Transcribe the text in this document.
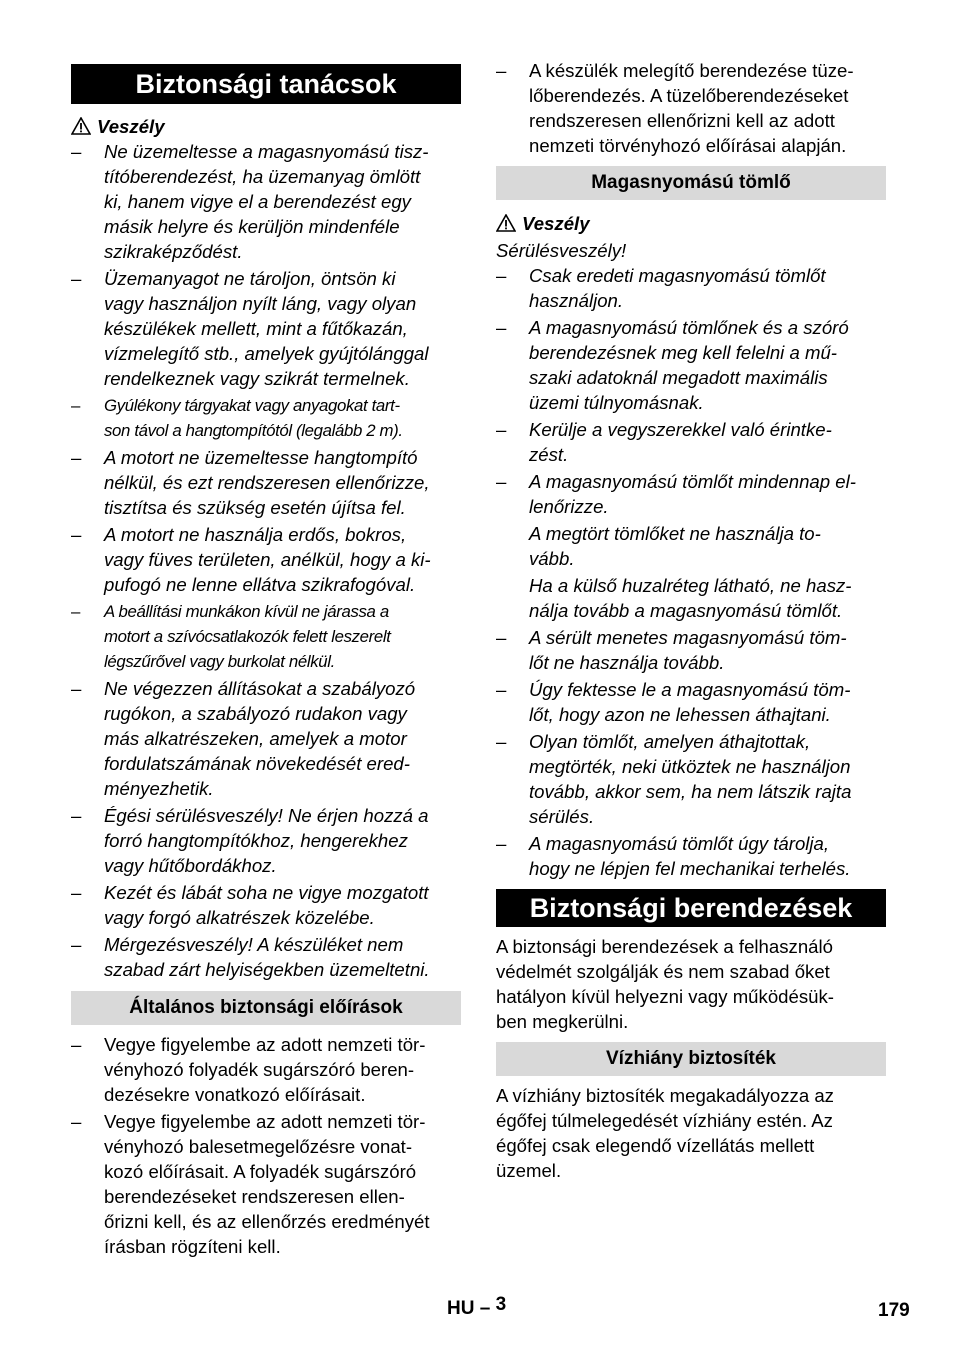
Biztonsági tanácsok
Veszély
– Ne üzemeltesse a magasnyomású tisz-
títóberendezést, ha üzemanyag ömlött
ki, hanem vigye el a berendezést egy
másik helyre és kerüljön mindenféle
szikraképződést.
– Üzemanyagot ne tároljon, öntsön ki
vagy használjon nyílt láng, vagy olyan
készülékek mellett, mint a fűtőkazán,
vízmelegítő stb., amelyek gyújtólánggal
rendelkeznek vagy szikrát termelnek.
– Gyúlékony tárgyakat vagy anyagokat tart-
son távol a hangtompítótól (legalább 2 m).
– A motort ne üzemeltesse hangtompító
nélkül, és ezt rendszeresen ellenőrizze,
tisztítsa és szükség esetén újítsa fel.
– A motort ne használja erdős, bokros,
vagy füves területen, anélkül, hogy a ki-
pufogó ne lenne ellátva szikrafogóval.
– A beállítási munkákon kívül ne járassa a
motort a szívócsatlakozók felett leszerelt
légszűrővel vagy burkolat nélkül.
– Ne végezzen állításokat a szabályozó
rugókon, a szabályozó rudakon vagy
más alkatrészeken, amelyek a motor
fordulatszámának növekedését ered-
ményezhetik.
– Égési sérülésveszély! Ne érjen hozzá a
forró hangtompítókhoz, hengerekhez
vagy hűtőbordákhoz.
– Kezét és lábát soha ne vigye mozgatott
vagy forgó alkatrészek közelébe.
– Mérgezésveszély! A készüléket nem
szabad zárt helyiségekben üzemeltetni.
Általános biztonsági előírások
– Vegye figyelembe az adott nemzeti tör-
vényhozó folyadék sugárszóró beren-
dezésekre vonatkozó előírásait.
– Vegye figyelembe az adott nemzeti tör-
vényhozó balesetmegelőzésre vonat-
kozó előírásait. A folyadék sugárszóró
berendezéseket rendszeresen ellen-
őrizni kell, és az ellenőrzés eredményét
írásban rögzíteni kell.
– A készülék melegítő berendezése tüze-
lőberendezés. A tüzelőberendezéseket
rendszeresen ellenőrizni kell az adott
nemzeti törvényhozó előírásai alapján.
Magasnyomású tömlő
Veszély

Sérülésveszély!

– Csak eredeti magasnyomású tömlőt
használjon.
– A magasnyomású tömlőnek és a szóró
berendezésnek meg kell felelni a mű-
szaki adatoknál megadott maximális
üzemi túlnyomásnak.
– Kerülje a vegyszerekkel való érintke-
zést.
– A magasnyomású tömlőt mindennap el-
lenőrizze.
A megtört tömlőket ne használja to-
vább.
Ha a külső huzalréteg látható, ne hasz-
nálja tovább a magasnyomású tömlőt.
– A sérült menetes magasnyomású töm-
lőt ne használja tovább.
– Úgy fektesse le a magasnyomású töm-
lőt, hogy azon ne lehessen áthajtani.
– Olyan tömlőt, amelyen áthajtottak,
megtörték, neki ütköztek ne használjon
tovább, akkor sem, ha nem látszik rajta
sérülés.
– A magasnyomású tömlőt úgy tárolja,
hogy ne lépjen fel mechanikai terhelés.
Biztonsági berendezések

A biztonsági berendezések a felhasználó
védelmét szolgálják és nem szabad őket
hatályon kívül helyezni vagy működésük-
ben megkerülni.

Vízhiány biztosíték

A vízhiány biztosíték megakadályozza az
égőfej túlmelegedését vízhiány estén. Az
égőfej csak elegendő vízellátás mellett
üzemel.

HU – 3	179
